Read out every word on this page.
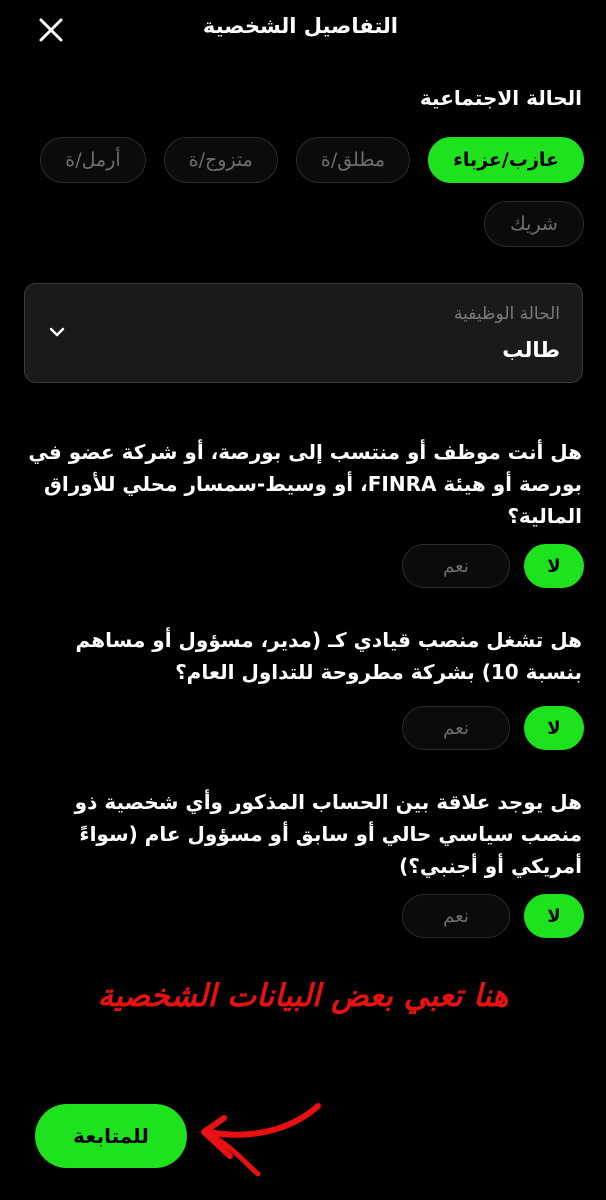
التفاصيل الشخصية
الحالة الاجتماعية
عازب/عزباء
مطلق/ة
متزوج/ة
أرمل/ة
شريك
الحالة الوظيفية
طالب
هل أنت موظف أو منتسب إلى بورصة، أو شركة عضو في بورصة أو هيئة FINRA، أو وسيط-سمسار محلي للأوراق المالية؟
لا
نعم
هل تشغل منصب قيادي كـ (مدير، مسؤول أو مساهم بنسبة 10) بشركة مطروحة للتداول العام؟
لا
نعم
هل يوجد علاقة بين الحساب المذكور وأي شخصية ذو منصب سياسي حالي أو سابق أو مسؤول عام (سواءً أمريكي أو أجنبي؟)
لا
نعم
هنا تعبي بعض البيانات الشخصية
للمتابعة
